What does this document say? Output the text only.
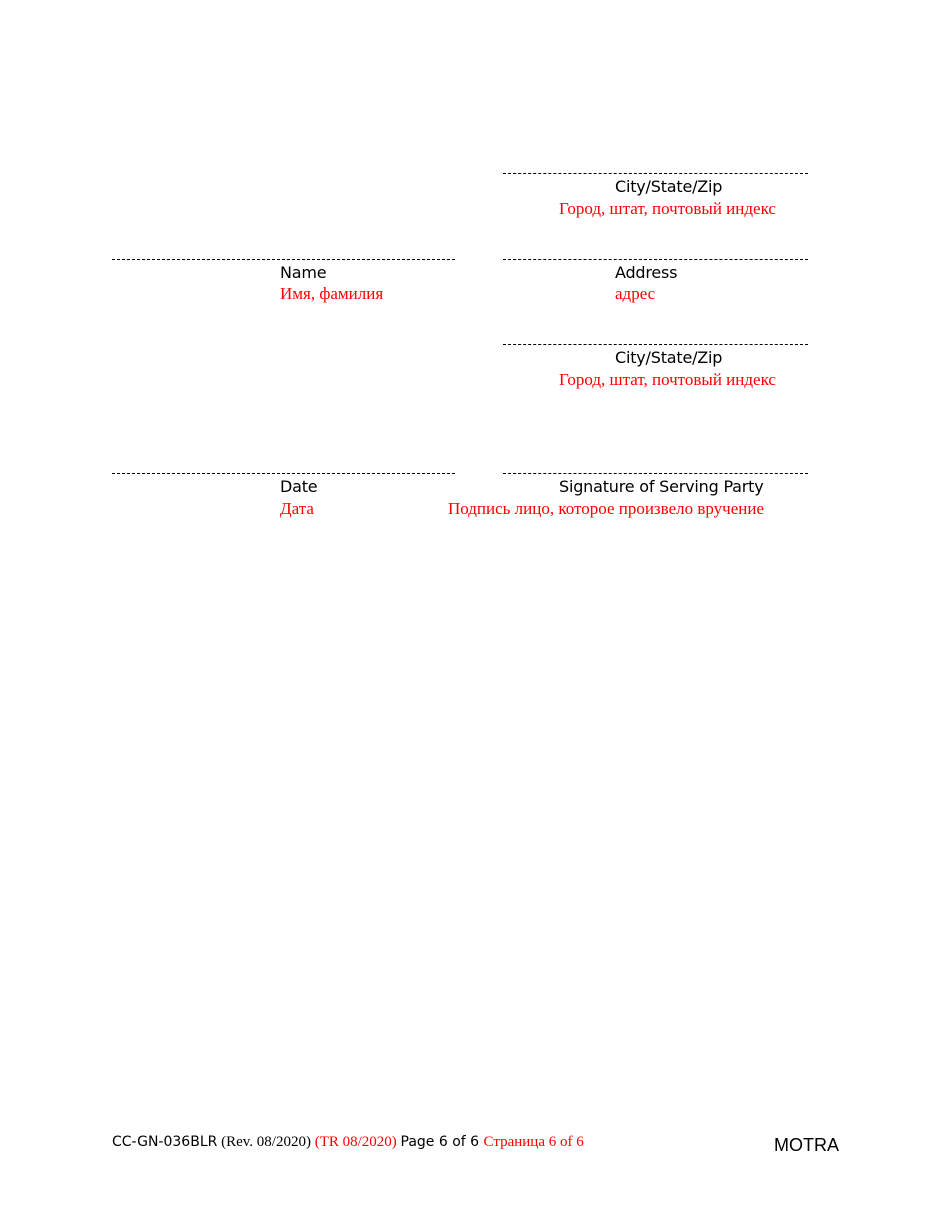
City/State/Zip
Город, штат, почтовый индекс
Name
Имя, фамилия
Address
адрес
City/State/Zip
Город, штат, почтовый индекс
Date
Дата
Signature of Serving Party
Подпись лицо, которое произвело вручение
CC-GN-036BLR (Rev. 08/2020) (TR 08/2020) Page 6 of 6 Страница 6 of 6	MOTRA
